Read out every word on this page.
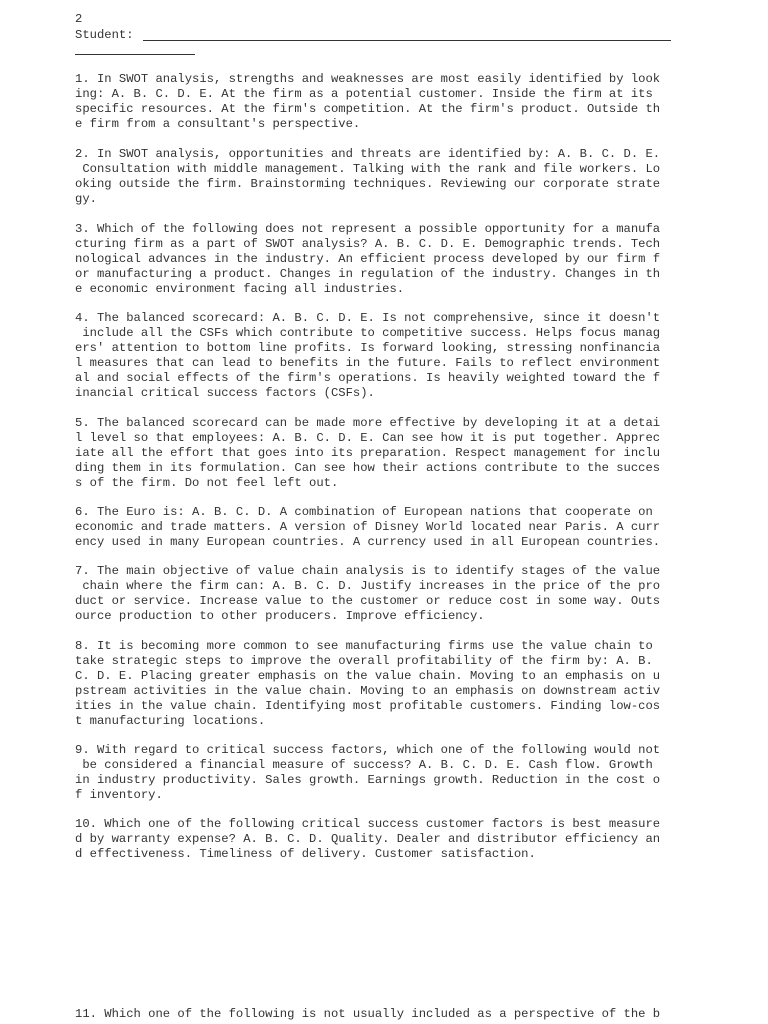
2
Student:
1. In SWOT analysis, strengths and weaknesses are most easily identified by look
ing: A. B. C. D. E. At the firm as a potential customer. Inside the firm at its
specific resources. At the firm's competition. At the firm's product. Outside th
e firm from a consultant's perspective.
2. In SWOT analysis, opportunities and threats are identified by: A. B. C. D. E.
Consultation with middle management. Talking with the rank and file workers. Lo
oking outside the firm. Brainstorming techniques. Reviewing our corporate strate
gy.
3. Which of the following does not represent a possible opportunity for a manufa
cturing firm as a part of SWOT analysis? A. B. C. D. E. Demographic trends. Tech
nological advances in the industry. An efficient process developed by our firm f
or manufacturing a product. Changes in regulation of the industry. Changes in th
e economic environment facing all industries.
4. The balanced scorecard: A. B. C. D. E. Is not comprehensive, since it doesn't
include all the CSFs which contribute to competitive success. Helps focus manag
ers' attention to bottom line profits. Is forward looking, stressing nonfinancia
l measures that can lead to benefits in the future. Fails to reflect environment
al and social effects of the firm's operations. Is heavily weighted toward the f
inancial critical success factors (CSFs).
5. The balanced scorecard can be made more effective by developing it at a detai
l level so that employees: A. B. C. D. E. Can see how it is put together. Apprec
iate all the effort that goes into its preparation. Respect management for inclu
ding them in its formulation. Can see how their actions contribute to the succes
s of the firm. Do not feel left out.
6. The Euro is: A. B. C. D. A combination of European nations that cooperate on
economic and trade matters. A version of Disney World located near Paris. A curr
ency used in many European countries. A currency used in all European countries.
7. The main objective of value chain analysis is to identify stages of the value
chain where the firm can: A. B. C. D. Justify increases in the price of the pro
duct or service. Increase value to the customer or reduce cost in some way. Outs
ource production to other producers. Improve efficiency.
8. It is becoming more common to see manufacturing firms use the value chain to
take strategic steps to improve the overall profitability of the firm by: A. B.
C. D. E. Placing greater emphasis on the value chain. Moving to an emphasis on u
pstream activities in the value chain. Moving to an emphasis on downstream activ
ities in the value chain. Identifying most profitable customers. Finding low-cos
t manufacturing locations.
9. With regard to critical success factors, which one of the following would not
be considered a financial measure of success? A. B. C. D. E. Cash flow. Growth
in industry productivity. Sales growth. Earnings growth. Reduction in the cost o
f inventory.
10. Which one of the following critical success customer factors is best measure
d by warranty expense? A. B. C. D. Quality. Dealer and distributor efficiency an
d effectiveness. Timeliness of delivery. Customer satisfaction.
11. Which one of the following is not usually included as a perspective of the b
